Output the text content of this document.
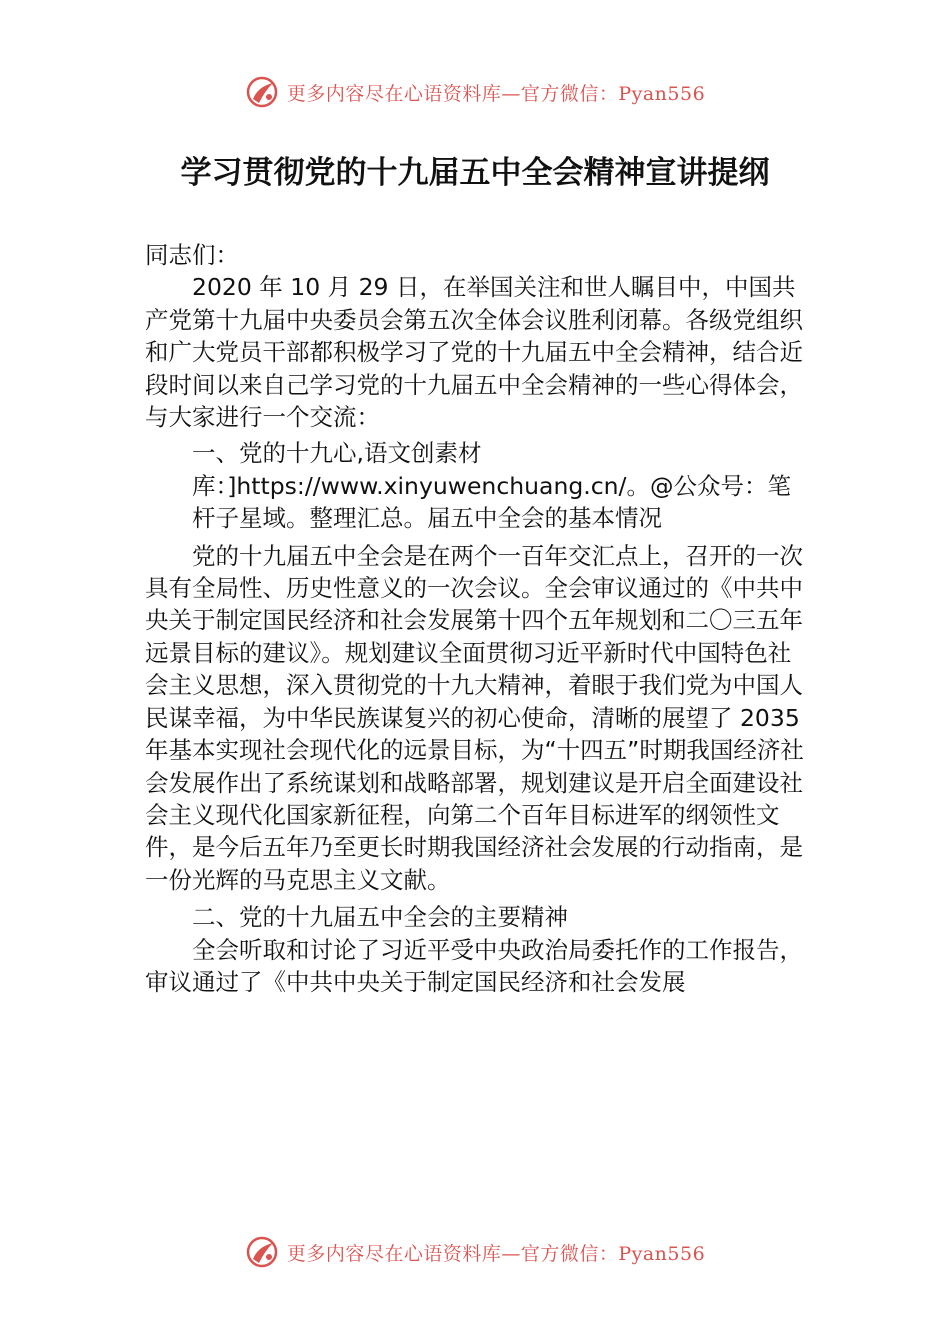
更多内容尽在心语资料库—官方微信：Pyan556
学习贯彻党的十九届五中全会精神宣讲提纲

同志们：

2020 年 10 月 29 日，在举国关注和世人瞩目中，中国共产党第十九届中央委员会第五次全体会议胜利闭幕。各级党组织和广大党员干部都积极学习了党的十九届五中全会精神，结合近段时间以来自己学习党的十九届五中全会精神的一些心得体会，与大家进行一个交流：

一、党的十九心,语文创素材库：]https://www.xinyuwenchuang.cn/。@公众号：笔杆子星域。整理汇总。届五中全会的基本情况

党的十九届五中全会是在两个一百年交汇点上，召开的一次具有全局性、历史性意义的一次会议。全会审议通过的《中共中央关于制定国民经济和社会发展第十四个五年规划和二〇三五年远景目标的建议》。规划建议全面贯彻习近平新时代中国特色社会主义思想，深入贯彻党的十九大精神，着眼于我们党为中国人民谋幸福，为中华民族谋复兴的初心使命，清晰的展望了 2035 年基本实现社会现代化的远景目标，为“十四五”时期我国经济社会发展作出了系统谋划和战略部署，规划建议是开启全面建设社会主义现代化国家新征程，向第二个百年目标进军的纲领性文件，是今后五年乃至更长时期我国经济社会发展的行动指南，是一份光辉的马克思主义文献。

二、党的十九届五中全会的主要精神

全会听取和讨论了习近平受中央政治局委托作的工作报告，审议通过了《中共中央关于制定国民经济和社会发展

更多内容尽在心语资料库—官方微信：Pyan556
